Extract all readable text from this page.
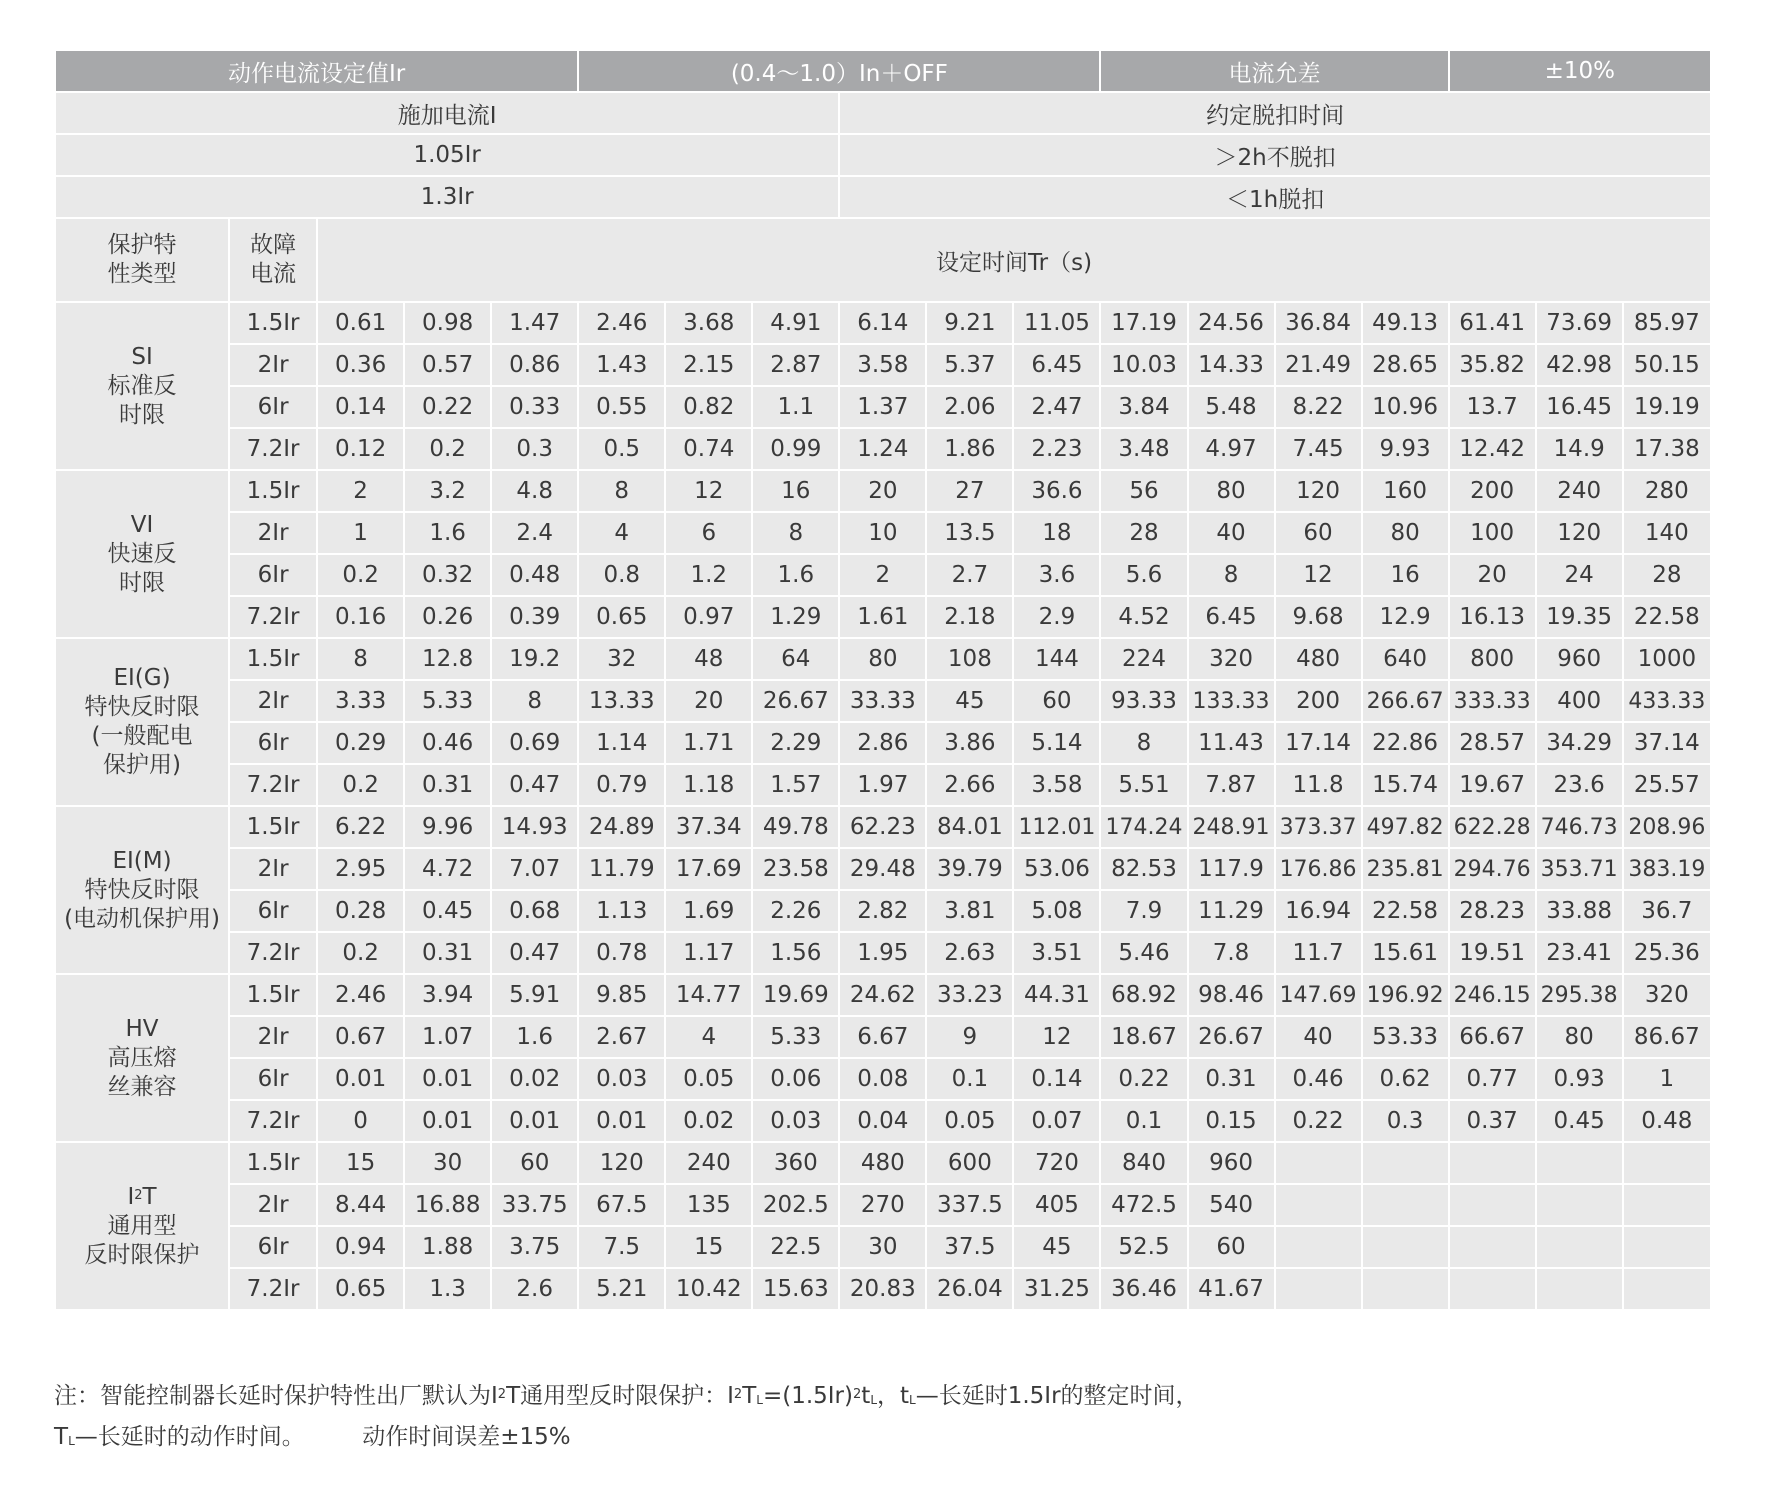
动作电流设定值Ir					(0.4～1.0）In＋OFF						电流允差				±10%		
施加电流I								约定脱扣时间									
1.05Ir								＞2h不脱扣									
1.3Ir								＜1h脱扣									
保护特性类型	故障电流	设定时间Tr（s)															

SI
标准反
时限	1.5Ir	0.61	0.98	1.47	2.46	3.68	4.91	6.14	9.21	11.05	17.19	24.56	36.84	49.13	61.41	73.69	85.97
	2Ir	0.36	0.57	0.86	1.43	2.15	2.87	3.58	5.37	6.45	10.03	14.33	21.49	28.65	35.82	42.98	50.15
	6Ir	0.14	0.22	0.33	0.55	0.82	1.1	1.37	2.06	2.47	3.84	5.48	8.22	10.96	13.7	16.45	19.19
	7.2Ir	0.12	0.2	0.3	0.5	0.74	0.99	1.24	1.86	2.23	3.48	4.97	7.45	9.93	12.42	14.9	17.38

VI
快速反
时限	1.5Ir	2	3.2	4.8	8	12	16	20	27	36.6	56	80	120	160	200	240	280
	2Ir	1	1.6	2.4	4	6	8	10	13.5	18	28	40	60	80	100	120	140
	6Ir	0.2	0.32	0.48	0.8	1.2	1.6	2	2.7	3.6	5.6	8	12	16	20	24	28
	7.2Ir	0.16	0.26	0.39	0.65	0.97	1.29	1.61	2.18	2.9	4.52	6.45	9.68	12.9	16.13	19.35	22.58

EI(G)
特快反时限
(一般配电
保护用)	1.5Ir	8	12.8	19.2	32	48	64	80	108	144	224	320	480	640	800	960	1000
	2Ir	3.33	5.33	8	13.33	20	26.67	33.33	45	60	93.33	133.33	200	266.67	333.33	400	433.33
	6Ir	0.29	0.46	0.69	1.14	1.71	2.29	2.86	3.86	5.14	8	11.43	17.14	22.86	28.57	34.29	37.14
	7.2Ir	0.2	0.31	0.47	0.79	1.18	1.57	1.97	2.66	3.58	5.51	7.87	11.8	15.74	19.67	23.6	25.57

EI(M)
特快反时限
(电动机保护用)	1.5Ir	6.22	9.96	14.93	24.89	37.34	49.78	62.23	84.01	112.01	174.24	248.91	373.37	497.82	622.28	746.73	208.96
	2Ir	2.95	4.72	7.07	11.79	17.69	23.58	29.48	39.79	53.06	82.53	117.9	176.86	235.81	294.76	353.71	383.19
	6Ir	0.28	0.45	0.68	1.13	1.69	2.26	2.82	3.81	5.08	7.9	11.29	16.94	22.58	28.23	33.88	36.7
	7.2Ir	0.2	0.31	0.47	0.78	1.17	1.56	1.95	2.63	3.51	5.46	7.8	11.7	15.61	19.51	23.41	25.36

HV
高压熔
丝兼容	1.5Ir	2.46	3.94	5.91	9.85	14.77	19.69	24.62	33.23	44.31	68.92	98.46	147.69	196.92	246.15	295.38	320
	2Ir	0.67	1.07	1.6	2.67	4	5.33	6.67	9	12	18.67	26.67	40	53.33	66.67	80	86.67
	6Ir	0.01	0.01	0.02	0.03	0.05	0.06	0.08	0.1	0.14	0.22	0.31	0.46	0.62	0.77	0.93	1
	7.2Ir	0	0.01	0.01	0.01	0.02	0.03	0.04	0.05	0.07	0.1	0.15	0.22	0.3	0.37	0.45	0.48

$I^2T$
通用型
反时限保护	1.5Ir	15	30	60	120	240	360	480	600	720	840	960					
	2Ir	8.44	16.88	33.75	67.5	135	202.5	270	337.5	405	472.5	540					
	6Ir	0.94	1.88	3.75	7.5	15	22.5	30	37.5	45	52.5	60					
	7.2Ir	0.65	1.3	2.6	5.21	10.42	15.63	20.83	26.04	31.25	36.46	41.67					
注：智能控制器长延时保护特性出厂默认为$I^2T$通用型反时限保护：$I^2TL=(1.5Ir)^2tL$，tL—长延时1.5Ir的整定时间，
TL—长延时的动作时间。　　　动作时间误差±15%
